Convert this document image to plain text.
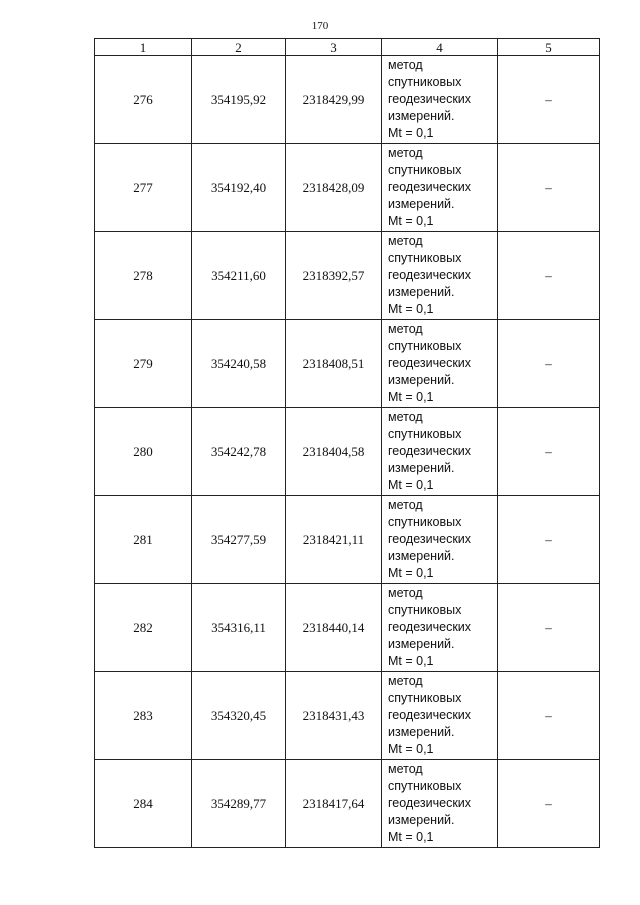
170
1	2	3	4	5
276	354195,92	2318429,99	метод
спутниковых
геодезических
измерений.
Mt = 0,1	–
277	354192,40	2318428,09	метод
спутниковых
геодезических
измерений.
Mt = 0,1	–
278	354211,60	2318392,57	метод
спутниковых
геодезических
измерений.
Mt = 0,1	–
279	354240,58	2318408,51	метод
спутниковых
геодезических
измерений.
Mt = 0,1	–
280	354242,78	2318404,58	метод
спутниковых
геодезических
измерений.
Mt = 0,1	–
281	354277,59	2318421,11	метод
спутниковых
геодезических
измерений.
Mt = 0,1	–
282	354316,11	2318440,14	метод
спутниковых
геодезических
измерений.
Mt = 0,1	–
283	354320,45	2318431,43	метод
спутниковых
геодезических
измерений.
Mt = 0,1	–
284	354289,77	2318417,64	метод
спутниковых
геодезических
измерений.
Mt = 0,1	–
